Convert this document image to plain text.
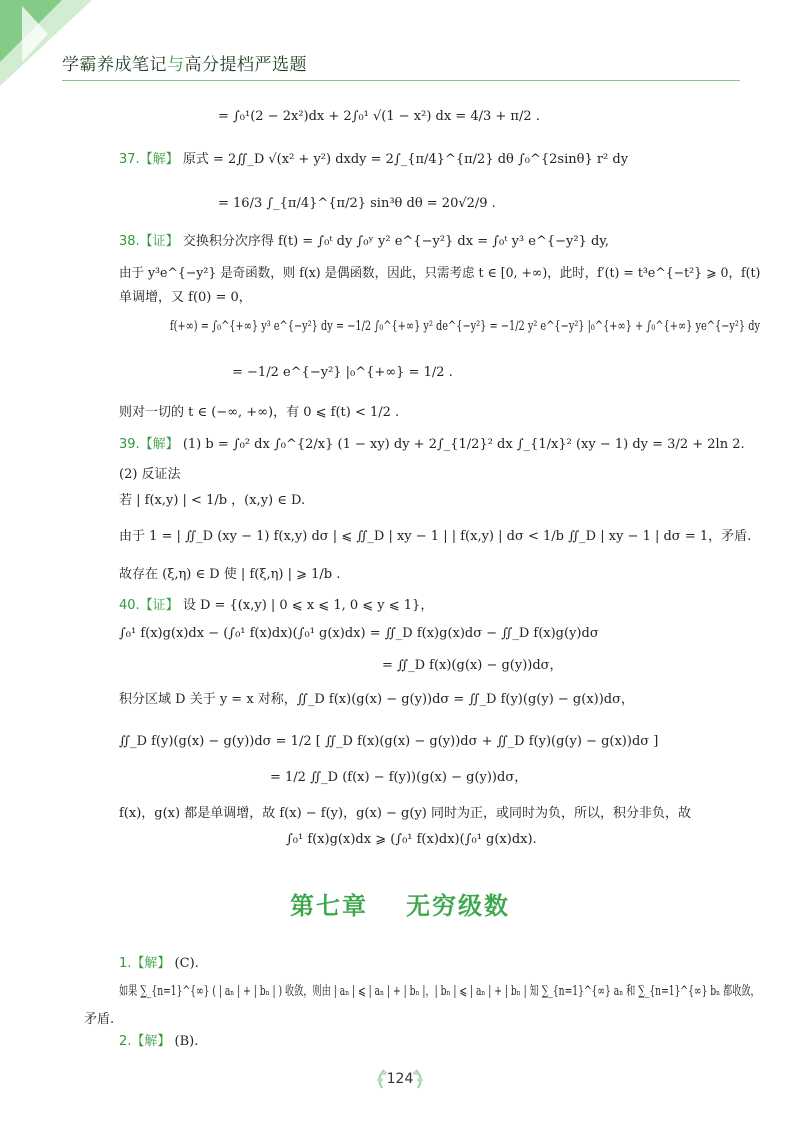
学霸养成笔记与高分提档严选题
= ∫₀¹(2 − 2x²)dx + 2∫₀¹ √(1 − x²) dx = 4/3 + π/2 .
37.【解】 原式 = 2∬_D √(x² + y²) dxdy = 2∫_{π/4}^{π/2} dθ ∫₀^{2sinθ} r² dy
= 16/3 ∫_{π/4}^{π/2} sin³θ dθ = 20√2/9 .
38.【证】 交换积分次序得 f(t) = ∫₀ᵗ dy ∫₀ʸ y² e^{−y²} dx = ∫₀ᵗ y³ e^{−y²} dy,
由于 y³e^{−y²} 是奇函数，则 f(x) 是偶函数，因此，只需考虑 t ∈ [0, +∞)，此时，f′(t) = t³e^{−t²} ⩾ 0，f(t)
单调增，又 f(0) = 0，
f(+∞) = ∫₀^{+∞} y³ e^{−y²} dy = −1/2 ∫₀^{+∞} y² de^{−y²} = −1/2 y² e^{−y²} |₀^{+∞} + ∫₀^{+∞} ye^{−y²} dy
= −1/2 e^{−y²} |₀^{+∞} = 1/2 .
则对一切的 t ∈ (−∞, +∞)，有 0 ⩽ f(t) < 1/2 .
39.【解】 (1) b = ∫₀² dx ∫₀^{2/x} (1 − xy) dy + 2∫_{1/2}² dx ∫_{1/x}² (xy − 1) dy = 3/2 + 2ln 2.
(2) 反证法
若 | f(x,y) | < 1/b ，(x,y) ∈ D.
由于 1 = | ∬_D (xy − 1) f(x,y) dσ | ⩽ ∬_D | xy − 1 | | f(x,y) | dσ < 1/b ∬_D | xy − 1 | dσ = 1，矛盾.
故存在 (ξ,η) ∈ D 使 | f(ξ,η) | ⩾ 1/b .
40.【证】 设 D = {(x,y) | 0 ⩽ x ⩽ 1, 0 ⩽ y ⩽ 1}，
∫₀¹ f(x)g(x)dx − (∫₀¹ f(x)dx)(∫₀¹ g(x)dx) = ∬_D f(x)g(x)dσ − ∬_D f(x)g(y)dσ
= ∬_D f(x)(g(x) − g(y))dσ，
积分区域 D 关于 y = x 对称，∬_D f(x)(g(x) − g(y))dσ = ∬_D f(y)(g(y) − g(x))dσ，
∬_D f(y)(g(x) − g(y))dσ = 1/2 [ ∬_D f(x)(g(x) − g(y))dσ + ∬_D f(y)(g(y) − g(x))dσ ]
= 1/2 ∬_D (f(x) − f(y))(g(x) − g(y))dσ，
f(x)，g(x) 都是单调增，故 f(x) − f(y)，g(x) − g(y) 同时为正，或同时为负，所以，积分非负，故
∫₀¹ f(x)g(x)dx ⩾ (∫₀¹ f(x)dx)(∫₀¹ g(x)dx).
1.【解】 (C).
如果 ∑_{n=1}^{∞} ( | aₙ | + | bₙ | ) 收敛，则由 | aₙ | ⩽ | aₙ | + | bₙ |，| bₙ | ⩽ | aₙ | + | bₙ | 知 ∑_{n=1}^{∞} aₙ 和 ∑_{n=1}^{∞} bₙ 都收敛，
矛盾.
2.【解】 (B).
第七章 无穷级数
124
